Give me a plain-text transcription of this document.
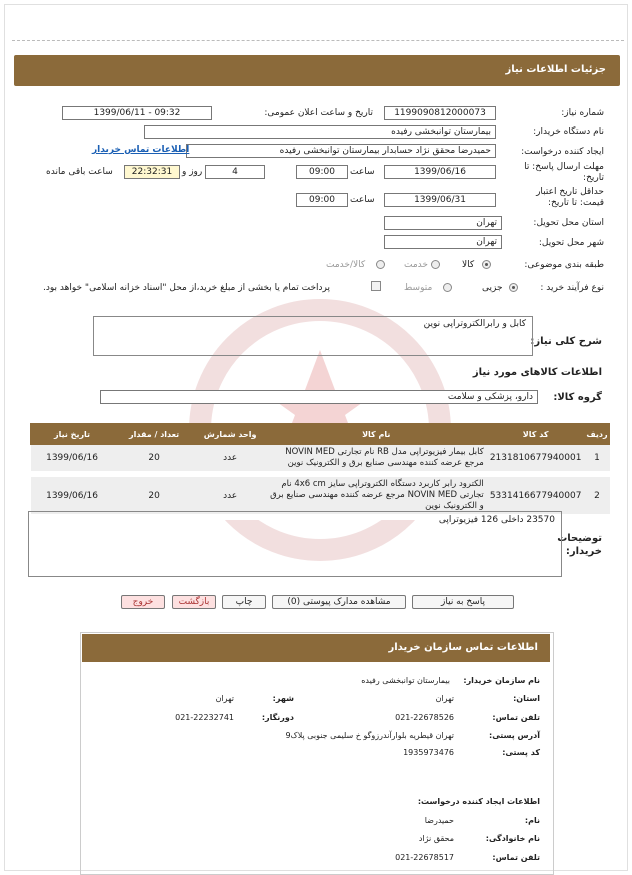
جزئیات اطلاعات نیاز
شماره نیاز:
1199090812000073
تاریخ و ساعت اعلان عمومی:
1399/06/11 - 09:32
نام دستگاه خریدار:
بیمارستان توانبخشی رفیده
ایجاد کننده درخواست:
حمیدرضا محقق نژاد حسابدار بیمارستان توانبخشی رفیده
اطلاعات تماس خریدار
مهلت ارسال پاسخ: تا تاریخ:
1399/06/16
ساعت
09:00
4
روز و
22:32:31
ساعت باقی مانده
حداقل تاریخ اعتبار قیمت: تا تاریخ:
1399/06/31
ساعت
09:00
استان محل تحویل:
تهران
شهر محل تحویل:
تهران
طبقه بندی موضوعی:
کالا
خدمت
کالا/خدمت
نوع فرآیند خرید :
جزیی
متوسط
پرداخت تمام یا بخشی از مبلغ خرید،از محل "اسناد خزانه اسلامی" خواهد بود.
شرح کلی نیاز:
کابل و رابرالکتروتراپی نوین
اطلاعات کالاهای مورد نیاز
گروه کالا:
دارو، پزشکی و سلامت
ردیف	کد کالا	نام کالا	واحد شمارش	تعداد / مقدار	تاریخ نیاز
1	2131810677940001	کابل بیمار فیزیوتراپی مدل RB نام تجارتی NOVIN MED مرجع عرضه کننده مهندسی صنایع برق و الکترونیک نوین	عدد	20	1399/06/16
2	5331416677940007	الکترود رابر کاربرد دستگاه الکتروتراپی سایز 4x6 cm نام تجارتی NOVIN MED مرجع عرضه کننده مهندسی صنایع برق و الکترونیک نوین	عدد	20	1399/06/16
توضیحات خریدار:
23570 داخلی 126 فیزیوتراپی
پاسخ به نیاز
مشاهده مدارک پیوستی (0)
چاپ
بازگشت
خروج
اطلاعات تماس سازمان خریدار
نام سازمان خریدار:
بیمارستان توانبخشی رفیده
استان:
تهران
شهر:
تهران
تلفن تماس:
021-22678526
دورنگار:
021-22232741
آدرس پستی:
تهران قیطریه بلوارآندرزوگو خ سلیمی جنوبی پلاک9
کد پستی:
1935973476
اطلاعات ایجاد کننده درخواست:
نام:
حمیدرضا
نام خانوادگی:
محقق نژاد
تلفن تماس:
021-22678517
